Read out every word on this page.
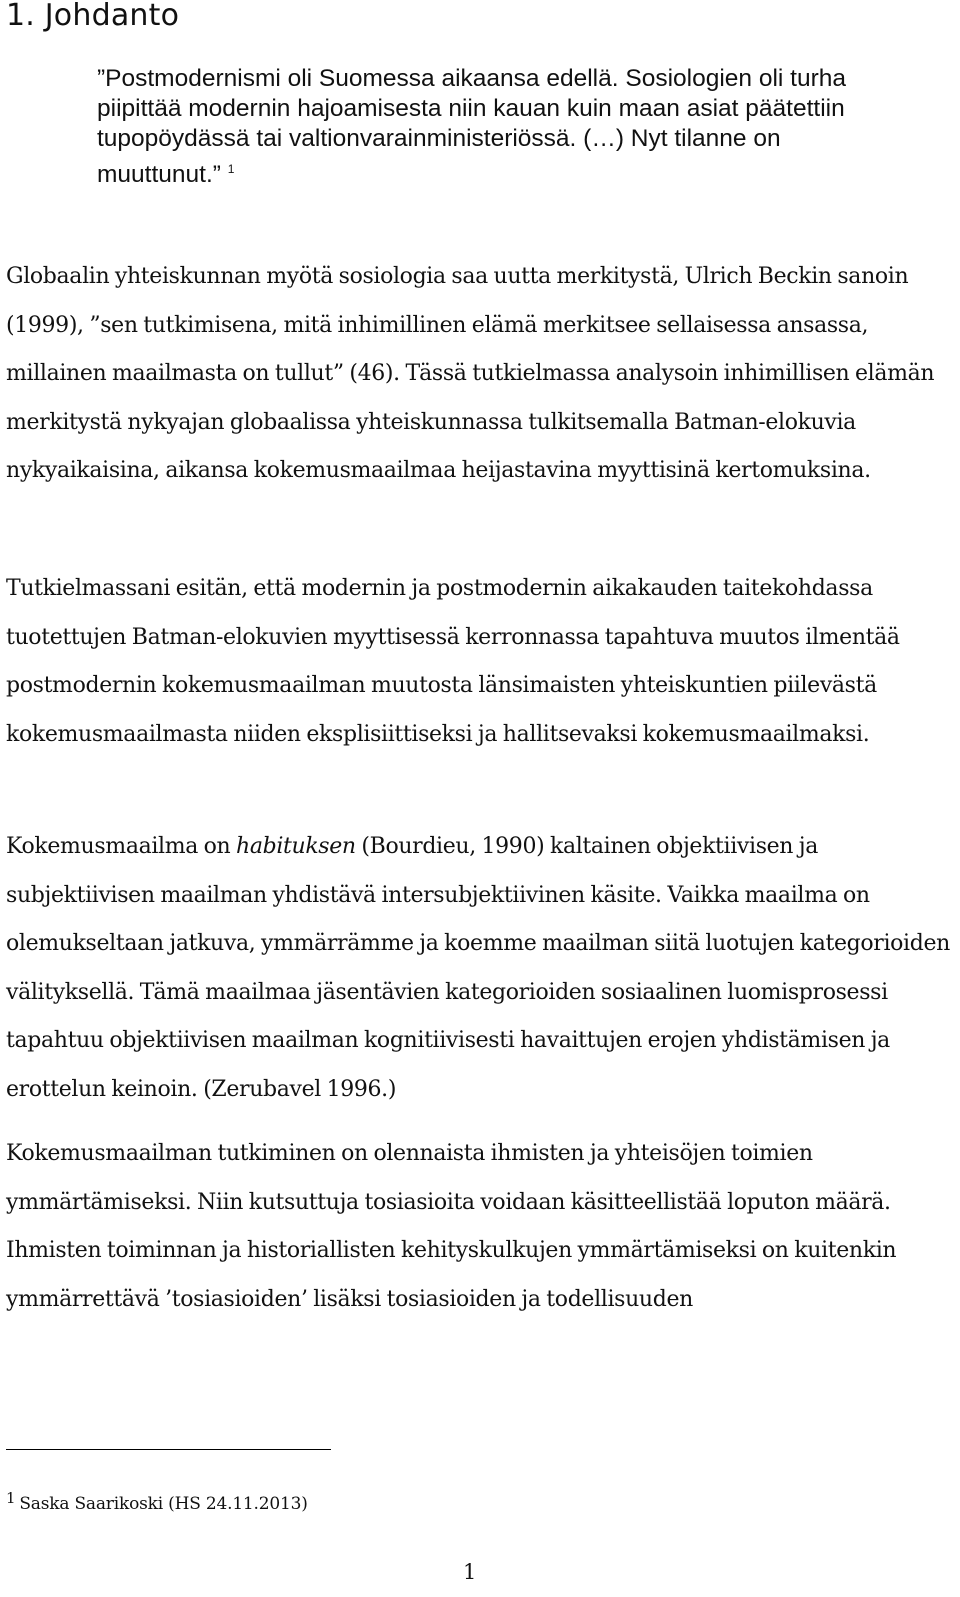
1. Johdanto

”Postmodernismi oli Suomessa aikaansa edellä. Sosiologien oli turha piipittää modernin hajoamisesta niin kauan kuin maan asiat päätettiin tupopöydässä tai valtionvarainministeriössä. (…) Nyt tilanne on muuttunut.” $^1$

Globaalin yhteiskunnan myötä sosiologia saa uutta merkitystä, Ulrich Beckin sanoin (1999), ”sen tutkimisena, mitä inhimillinen elämä merkitsee sellaisessa ansassa, millainen maailmasta on tullut” (46). Tässä tutkielmassa analysoin inhimillisen elämän merkitystä nykyajan globaalissa yhteiskunnassa tulkitsemalla Batman-elokuvia nykyaikaisina, aikansa kokemusmaailmaa heijastavina myyttisinä kertomuksina.

Tutkielmassani esitän, että modernin ja postmodernin aikakauden taitekohdassa tuotettujen Batman-elokuvien myyttisessä kerronnassa tapahtuva muutos ilmentää postmodernin kokemusmaailman muutosta länsimaisten yhteiskuntien piilevästä kokemusmaailmasta niiden eksplisiittiseksi ja hallitsevaksi kokemusmaailmaksi.

Kokemusmaailma on habituksen (Bourdieu, 1990) kaltainen objektiivisen ja subjektiivisen maailman yhdistävä intersubjektiivinen käsite. Vaikka maailma on olemukseltaan jatkuva, ymmärrämme ja koemme maailman siitä luotujen kategorioiden välityksellä. Tämä maailmaa jäsentävien kategorioiden sosiaalinen luomisprosessi tapahtuu objektiivisen maailman kognitiivisesti havaittujen erojen yhdistämisen ja erottelun keinoin. (Zerubavel 1996.)

Kokemusmaailman tutkiminen on olennaista ihmisten ja yhteisöjen toimien ymmärtämiseksi. Niin kutsuttuja tosiasioita voidaan käsitteellistää loputon määrä. Ihmisten toiminnan ja historiallisten kehityskulkujen ymmärtämiseksi on kuitenkin ymmärrettävä ’tosiasioiden’ lisäksi tosiasioiden ja todellisuuden

1 Saska Saarikoski (HS 24.11.2013)

1
